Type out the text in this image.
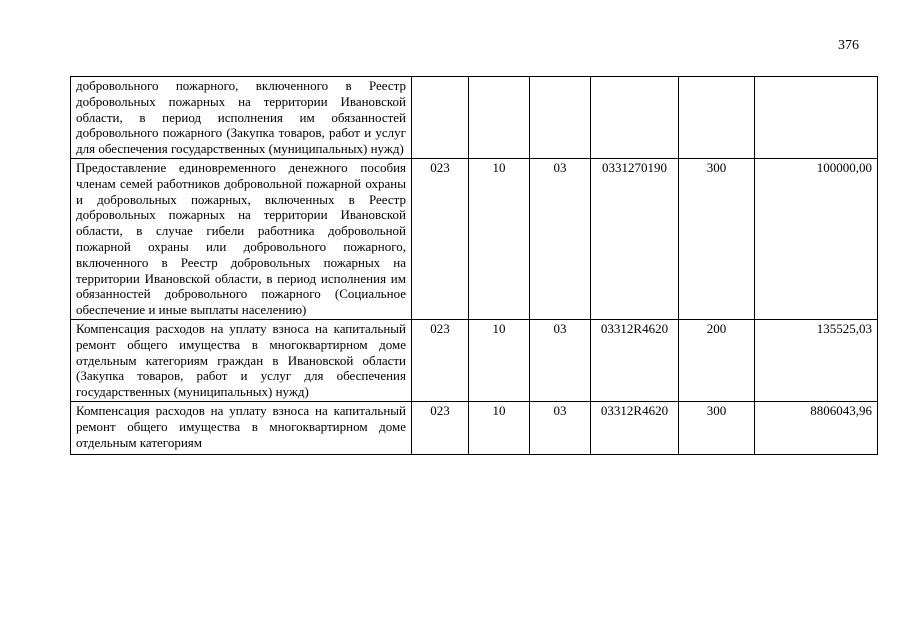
376
добровольного пожарного, включенного в Реестр добровольных пожарных на территории Ивановской области, в период исполнения им обязанностей добровольного пожарного (Закупка товаров, работ и услуг для обеспечения государственных (муниципальных) нужд)						
Предоставление единовременного денежного пособия членам семей работников добровольной пожарной охраны и добровольных пожарных, включенных в Реестр добровольных пожарных на территории Ивановской области, в случае гибели работника добровольной пожарной охраны или добровольного пожарного, включенного в Реестр добровольных пожарных на территории Ивановской области, в период исполнения им обязанностей добровольного пожарного (Социальное обеспечение и иные выплаты населению)	023	10	03	0331270190	300	100000,00
Компенсация расходов на уплату взноса на капитальный ремонт общего имущества в многоквартирном доме отдельным категориям граждан в Ивановской области (Закупка товаров, работ и услуг для обеспечения государственных (муниципальных) нужд)	023	10	03	03312R4620	200	135525,03

Компенсация расходов на уплату взноса на капитальный ремонт общего имущества в многоквартирном доме отдельным категориям	023	10	03	03312R4620	300	8806043,96
